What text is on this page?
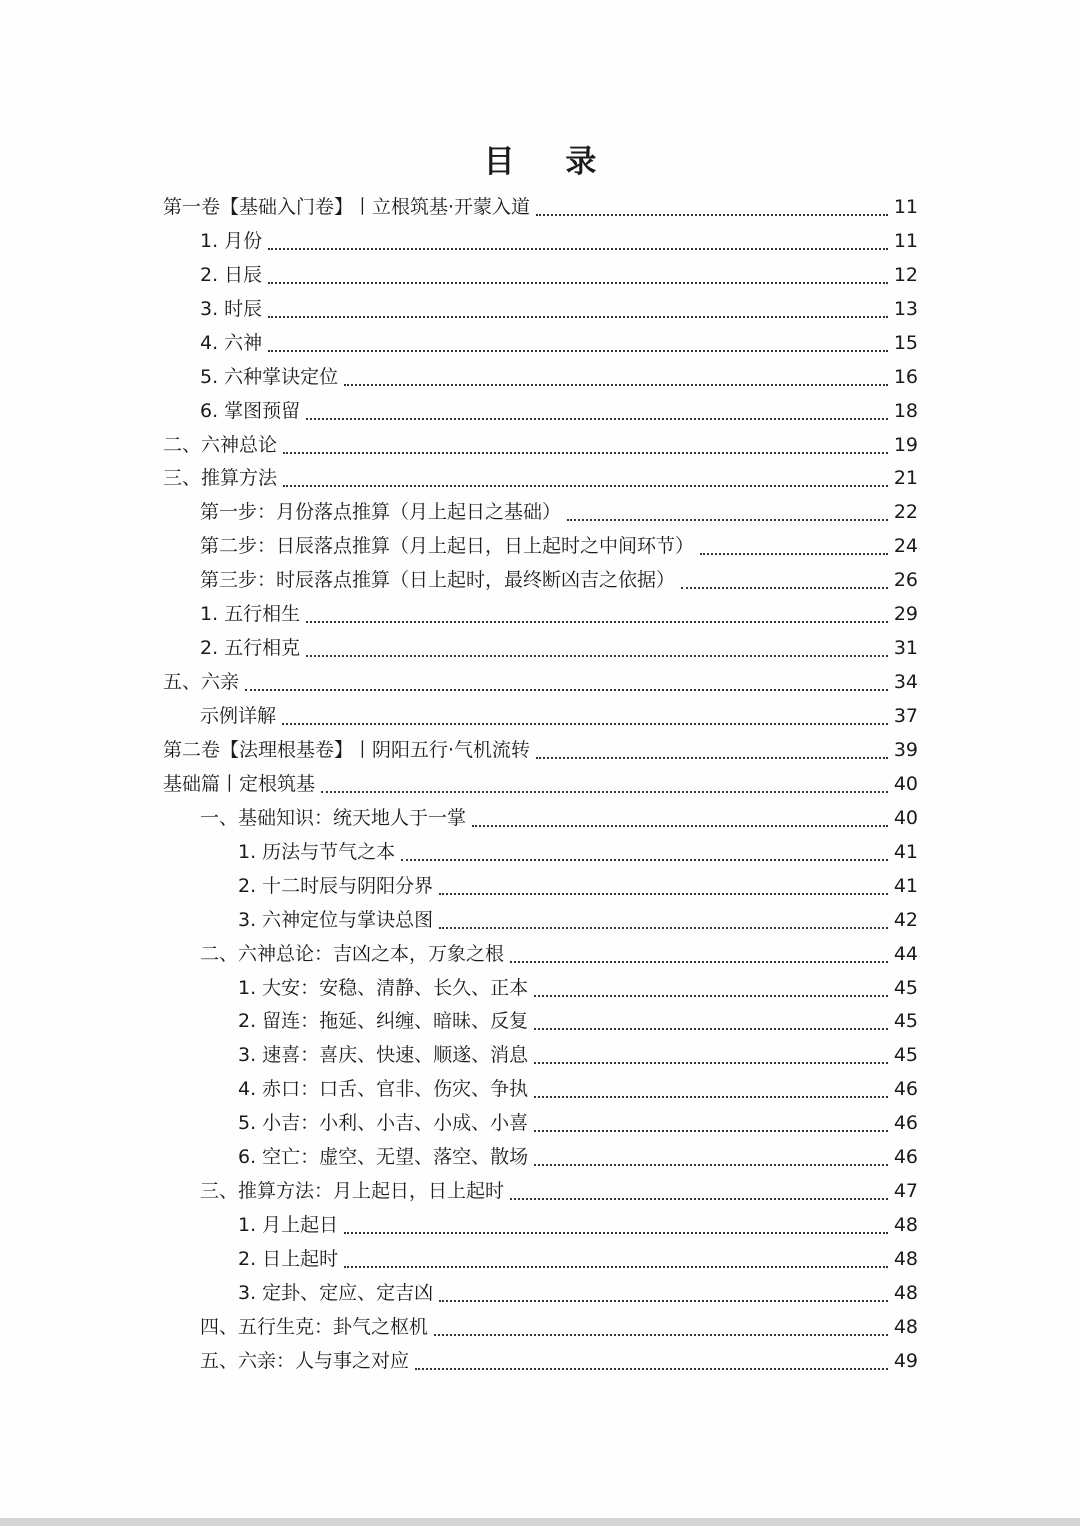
目 录
第一卷【基础入门卷】丨立根筑基·开蒙入道	11
1. 月份	11
2. 日辰	12
3. 时辰	13
4. 六神	15
5. 六种掌诀定位	16
6. 掌图预留	18
二、六神总论	19
三、推算方法	21
第一步：月份落点推算（月上起日之基础）	22
第二步：日辰落点推算（月上起日，日上起时之中间环节）	24
第三步：时辰落点推算（日上起时，最终断凶吉之依据）	26
1. 五行相生	29
2. 五行相克	31
五、六亲	34
示例详解	37
第二卷【法理根基卷】丨阴阳五行·气机流转	39
基础篇丨定根筑基	40
一、基础知识：统天地人于一掌	40
1. 历法与节气之本	41
2. 十二时辰与阴阳分界	41
3. 六神定位与掌诀总图	42
二、六神总论：吉凶之本，万象之根	44
1. 大安：安稳、清静、长久、正本	45
2. 留连：拖延、纠缠、暗昧、反复	45
3. 速喜：喜庆、快速、顺遂、消息	45
4. 赤口：口舌、官非、伤灾、争执	46
5. 小吉：小利、小吉、小成、小喜	46
6. 空亡：虚空、无望、落空、散场	46
三、推算方法：月上起日，日上起时	47
1. 月上起日	48
2. 日上起时	48
3. 定卦、定应、定吉凶	48
四、五行生克：卦气之枢机	48
五、六亲：人与事之对应	49
